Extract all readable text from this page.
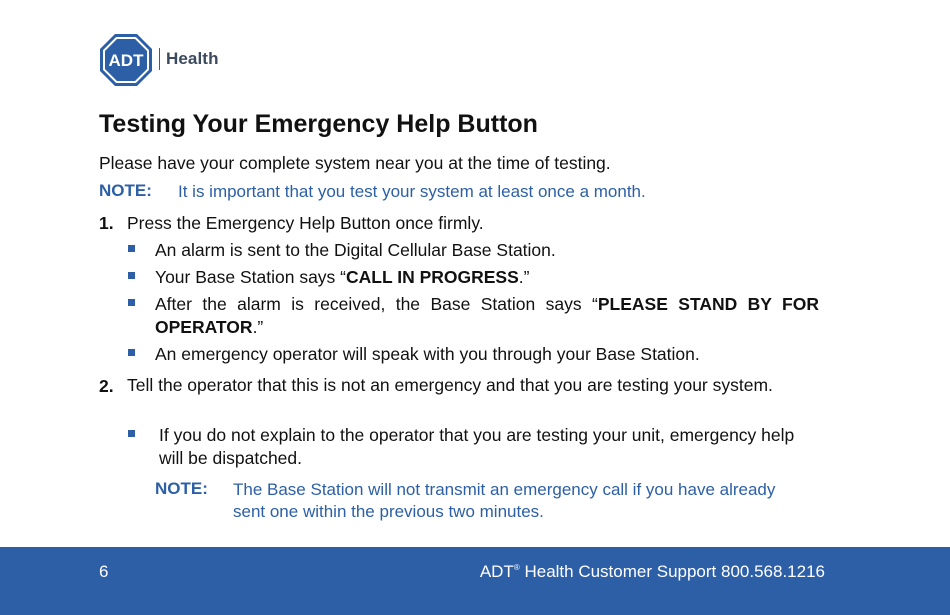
ADT Health
Testing Your Emergency Help Button
Please have your complete system near you at the time of testing.
NOTE: It is important that you test your system at least once a month.
1. Press the Emergency Help Button once firmly.
An alarm is sent to the Digital Cellular Base Station.
Your Base Station says “CALL IN PROGRESS.”
After the alarm is received, the Base Station says “PLEASE STAND BY FOR OPERATOR.”
An emergency operator will speak with you through your Base Station.
2. Tell the operator that this is not an emergency and that you are testing your system.
If you do not explain to the operator that you are testing your unit, emergency help will be dispatched.
NOTE: The Base Station will not transmit an emergency call if you have already sent one within the previous two minutes.
6	ADT® Health Customer Support 800.568.1216
